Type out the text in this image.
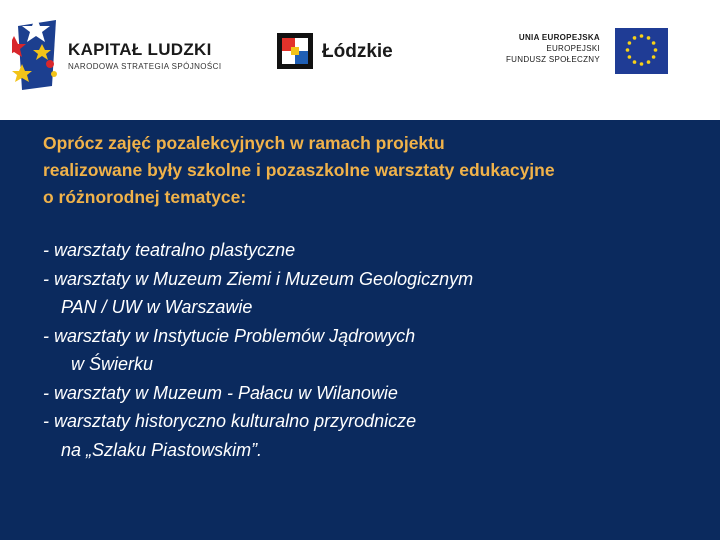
KAPITAŁ LUDZKI
NARODOWA STRATEGIA SPÓJNOŚCI
Łódzkie
UNIA EUROPEJSKA
EUROPEJSKI
FUNDUSZ SPOŁECZNY
Oprócz zajęć pozalekcyjnych w ramach projektu
realizowane były szkolne i pozaszkolne warsztaty edukacyjne
o różnorodnej tematyce:
- warsztaty teatralno plastyczne
- warsztaty w Muzeum Ziemi i Muzeum Geologicznym
PAN / UW w Warszawie
- warsztaty w Instytucie Problemów Jądrowych
w Świerku
- warsztaty w Muzeum - Pałacu w Wilanowie
- warsztaty historyczno kulturalno przyrodnicze
na „Szlaku Piastowskim”.
